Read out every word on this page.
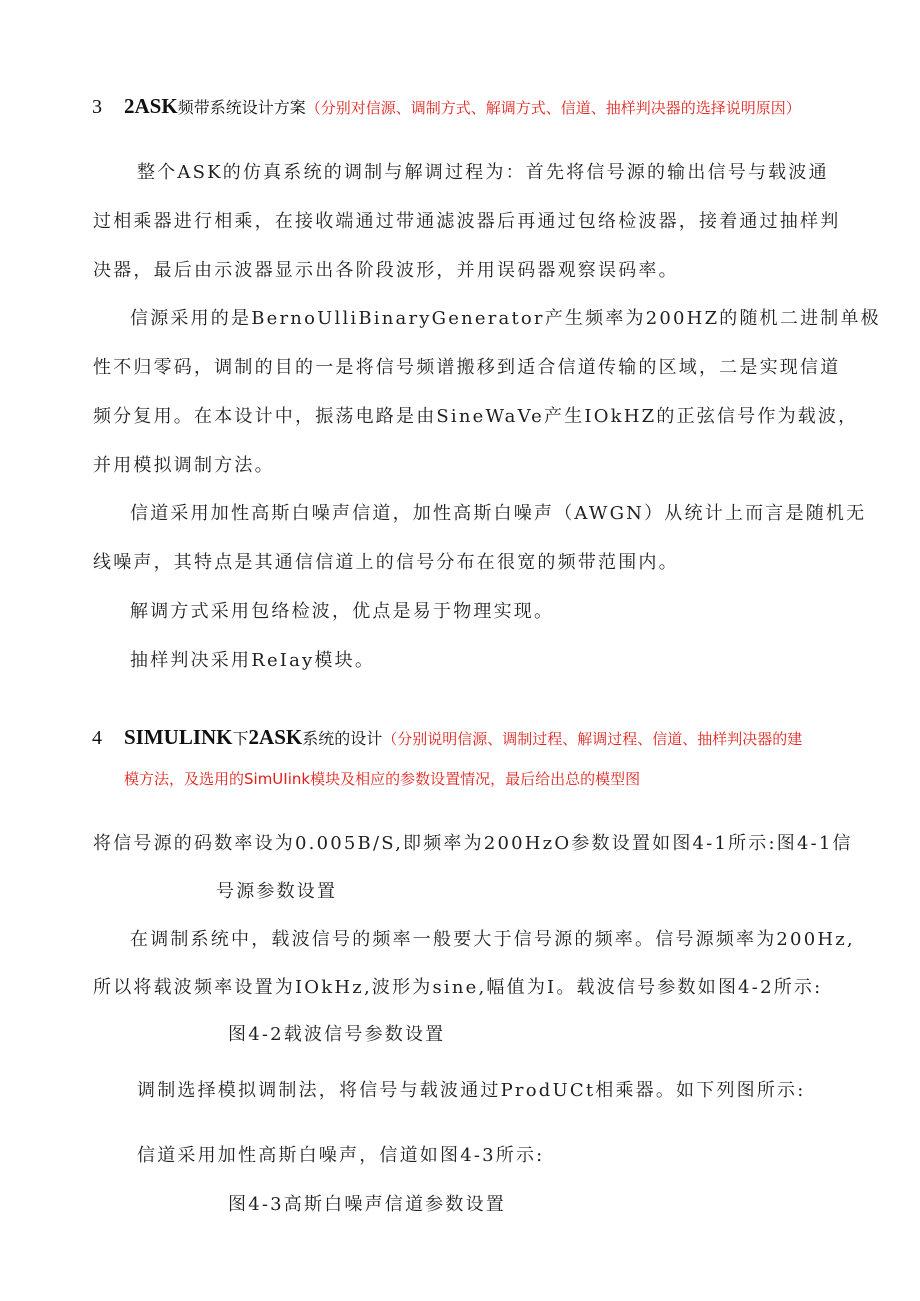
3 2ASK频带系统设计方案（分别对信源、调制方式、解调方式、信道、抽样判决器的选择说明原因）
整个ASK的仿真系统的调制与解调过程为：首先将信号源的输出信号与载波通
过相乘器进行相乘，在接收端通过带通滤波器后再通过包络检波器，接着通过抽样判
决器，最后由示波器显示出各阶段波形，并用误码器观察误码率。
信源采用的是BernoUlliBinaryGenerator产生频率为200HZ的随机二进制单极
性不归零码，调制的目的一是将信号频谱搬移到适合信道传输的区域，二是实现信道
频分复用。在本设计中，振荡电路是由SineWaVe产生IOkHZ的正弦信号作为载波，
并用模拟调制方法。
信道采用加性高斯白噪声信道，加性高斯白噪声（AWGN）从统计上而言是随机无
线噪声，其特点是其通信信道上的信号分布在很宽的频带范围内。
解调方式采用包络检波，优点是易于物理实现。
抽样判决采用ReIay模块。
4 SIMULINK下2ASK系统的设计（分别说明信源、调制过程、解调过程、信道、抽样判决器的建
模方法，及选用的SimUIink模块及相应的参数设置情况，最后给出总的模型图
将信号源的码数率设为0.005B/S,即频率为200HzO参数设置如图4-1所示:图4-1信
号源参数设置
在调制系统中，载波信号的频率一般要大于信号源的频率。信号源频率为200Hz,
所以将载波频率设置为IOkHz,波形为sine,幅值为I。载波信号参数如图4-2所示:
图4-2载波信号参数设置
调制选择模拟调制法，将信号与载波通过ProdUCt相乘器。如下列图所示:
信道采用加性高斯白噪声，信道如图4-3所示:
图4-3高斯白噪声信道参数设置
